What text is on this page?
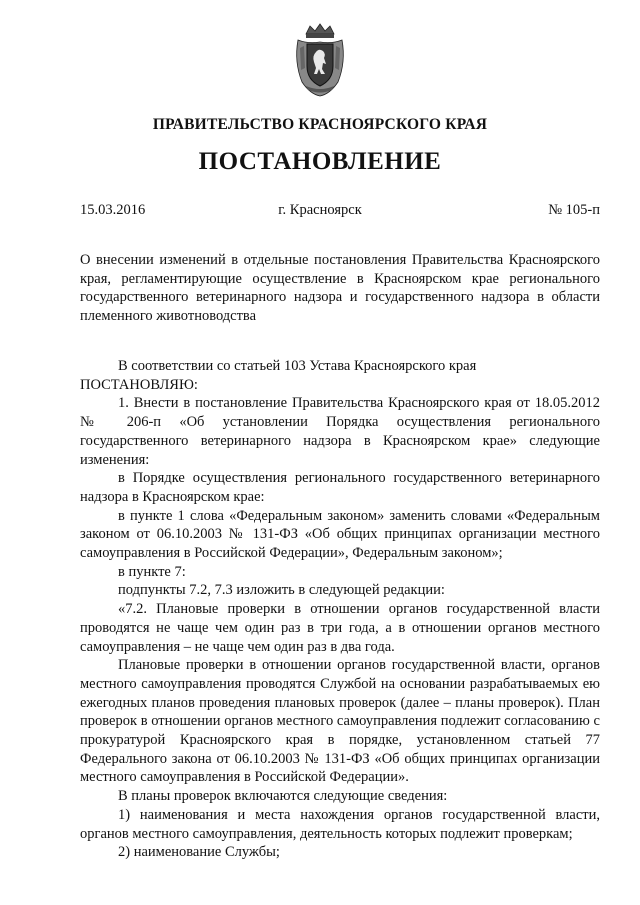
ПРАВИТЕЛЬСТВО КРАСНОЯРСКОГО КРАЯ
ПОСТАНОВЛЕНИЕ
15.03.2016	г. Красноярск	№ 105-п
О внесении изменений в отдельные постановления Правительства Красноярского края, регламентирующие осуществление в Красноярском крае регионального государственного ветеринарного надзора и государственного надзора в области племенного животноводства

В соответствии со статьей 103 Устава Красноярского края

ПОСТАНОВЛЯЮ:

1. Внести в постановление Правительства Красноярского края от 18.05.2012 № 206-п «Об установлении Порядка осуществления регионального государственного ветеринарного надзора в Красноярском крае» следующие изменения:

в Порядке осуществления регионального государственного ветеринарного надзора в Красноярском крае:

в пункте 1 слова «Федеральным законом» заменить словами «Федеральным законом от 06.10.2003 № 131-ФЗ «Об общих принципах организации местного самоуправления в Российской Федерации», Федеральным законом»;

в пункте 7:

подпункты 7.2, 7.3 изложить в следующей редакции:

«7.2. Плановые проверки в отношении органов государственной власти проводятся не чаще чем один раз в три года, а в отношении органов местного самоуправления – не чаще чем один раз в два года.

Плановые проверки в отношении органов государственной власти, органов местного самоуправления проводятся Службой на основании разрабатываемых ею ежегодных планов проведения плановых проверок (далее – планы проверок). План проверок в отношении органов местного самоуправления подлежит согласованию с прокуратурой Красноярского края в порядке, установленном статьей 77 Федерального закона от 06.10.2003 № 131-ФЗ «Об общих принципах организации местного самоуправления в Российской Федерации».

В планы проверок включаются следующие сведения:

1) наименования и места нахождения органов государственной власти, органов местного самоуправления, деятельность которых подлежит проверкам;

2) наименование Службы;
